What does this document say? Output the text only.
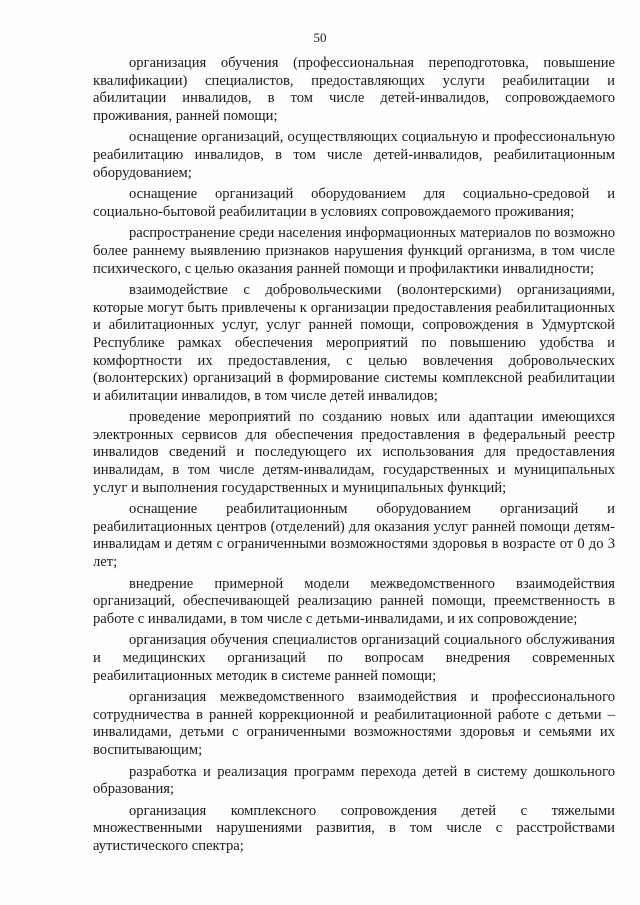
50

организация обучения (профессиональная переподготовка, повышение квалификации) специалистов, предоставляющих услуги реабилитации и абилитации инвалидов, в том числе детей-инвалидов, сопровождаемого проживания, ранней помощи;

оснащение организаций, осуществляющих социальную и профессиональную реабилитацию инвалидов, в том числе детей-инвалидов, реабилитационным оборудованием;

оснащение организаций оборудованием для социально-средовой и социально-бытовой реабилитации в условиях сопровождаемого проживания;

распространение среди населения информационных материалов по возможно более раннему выявлению признаков нарушения функций организма, в том числе психического, с целью оказания ранней помощи и профилактики инвалидности;

взаимодействие с добровольческими (волонтерскими) организациями, которые могут быть привлечены к организации предоставления реабилитационных и абилитационных услуг, услуг ранней помощи, сопровождения в Удмуртской Республике рамках обеспечения мероприятий по повышению удобства и комфортности их предоставления, с целью вовлечения добровольческих (волонтерских) организаций в формирование системы комплексной реабилитации и абилитации инвалидов, в том числе детей инвалидов;

проведение мероприятий по созданию новых или адаптации имеющихся электронных сервисов для обеспечения предоставления в федеральный реестр инвалидов сведений и последующего их использования для предоставления инвалидам, в том числе детям-инвалидам, государственных и муниципальных услуг и выполнения государственных и муниципальных функций;

оснащение реабилитационным оборудованием организаций и реабилитационных центров (отделений) для оказания услуг ранней помощи детям-инвалидам и детям с ограниченными возможностями здоровья в возрасте от 0 до 3 лет;

внедрение примерной модели межведомственного взаимодействия организаций, обеспечивающей реализацию ранней помощи, преемственность в работе с инвалидами, в том числе с детьми-инвалидами, и их сопровождение;

организация обучения специалистов организаций социального обслуживания и медицинских организаций по вопросам внедрения современных реабилитационных методик в системе ранней помощи;

организация межведомственного взаимодействия и профессионального сотрудничества в ранней коррекционной и реабилитационной работе с детьми – инвалидами, детьми с ограниченными возможностями здоровья и семьями их воспитывающим;

разработка и реализация программ перехода детей в систему дошкольного образования;

организация комплексного сопровождения детей с тяжелыми множественными нарушениями развития, в том числе с расстройствами аутистического спектра;
